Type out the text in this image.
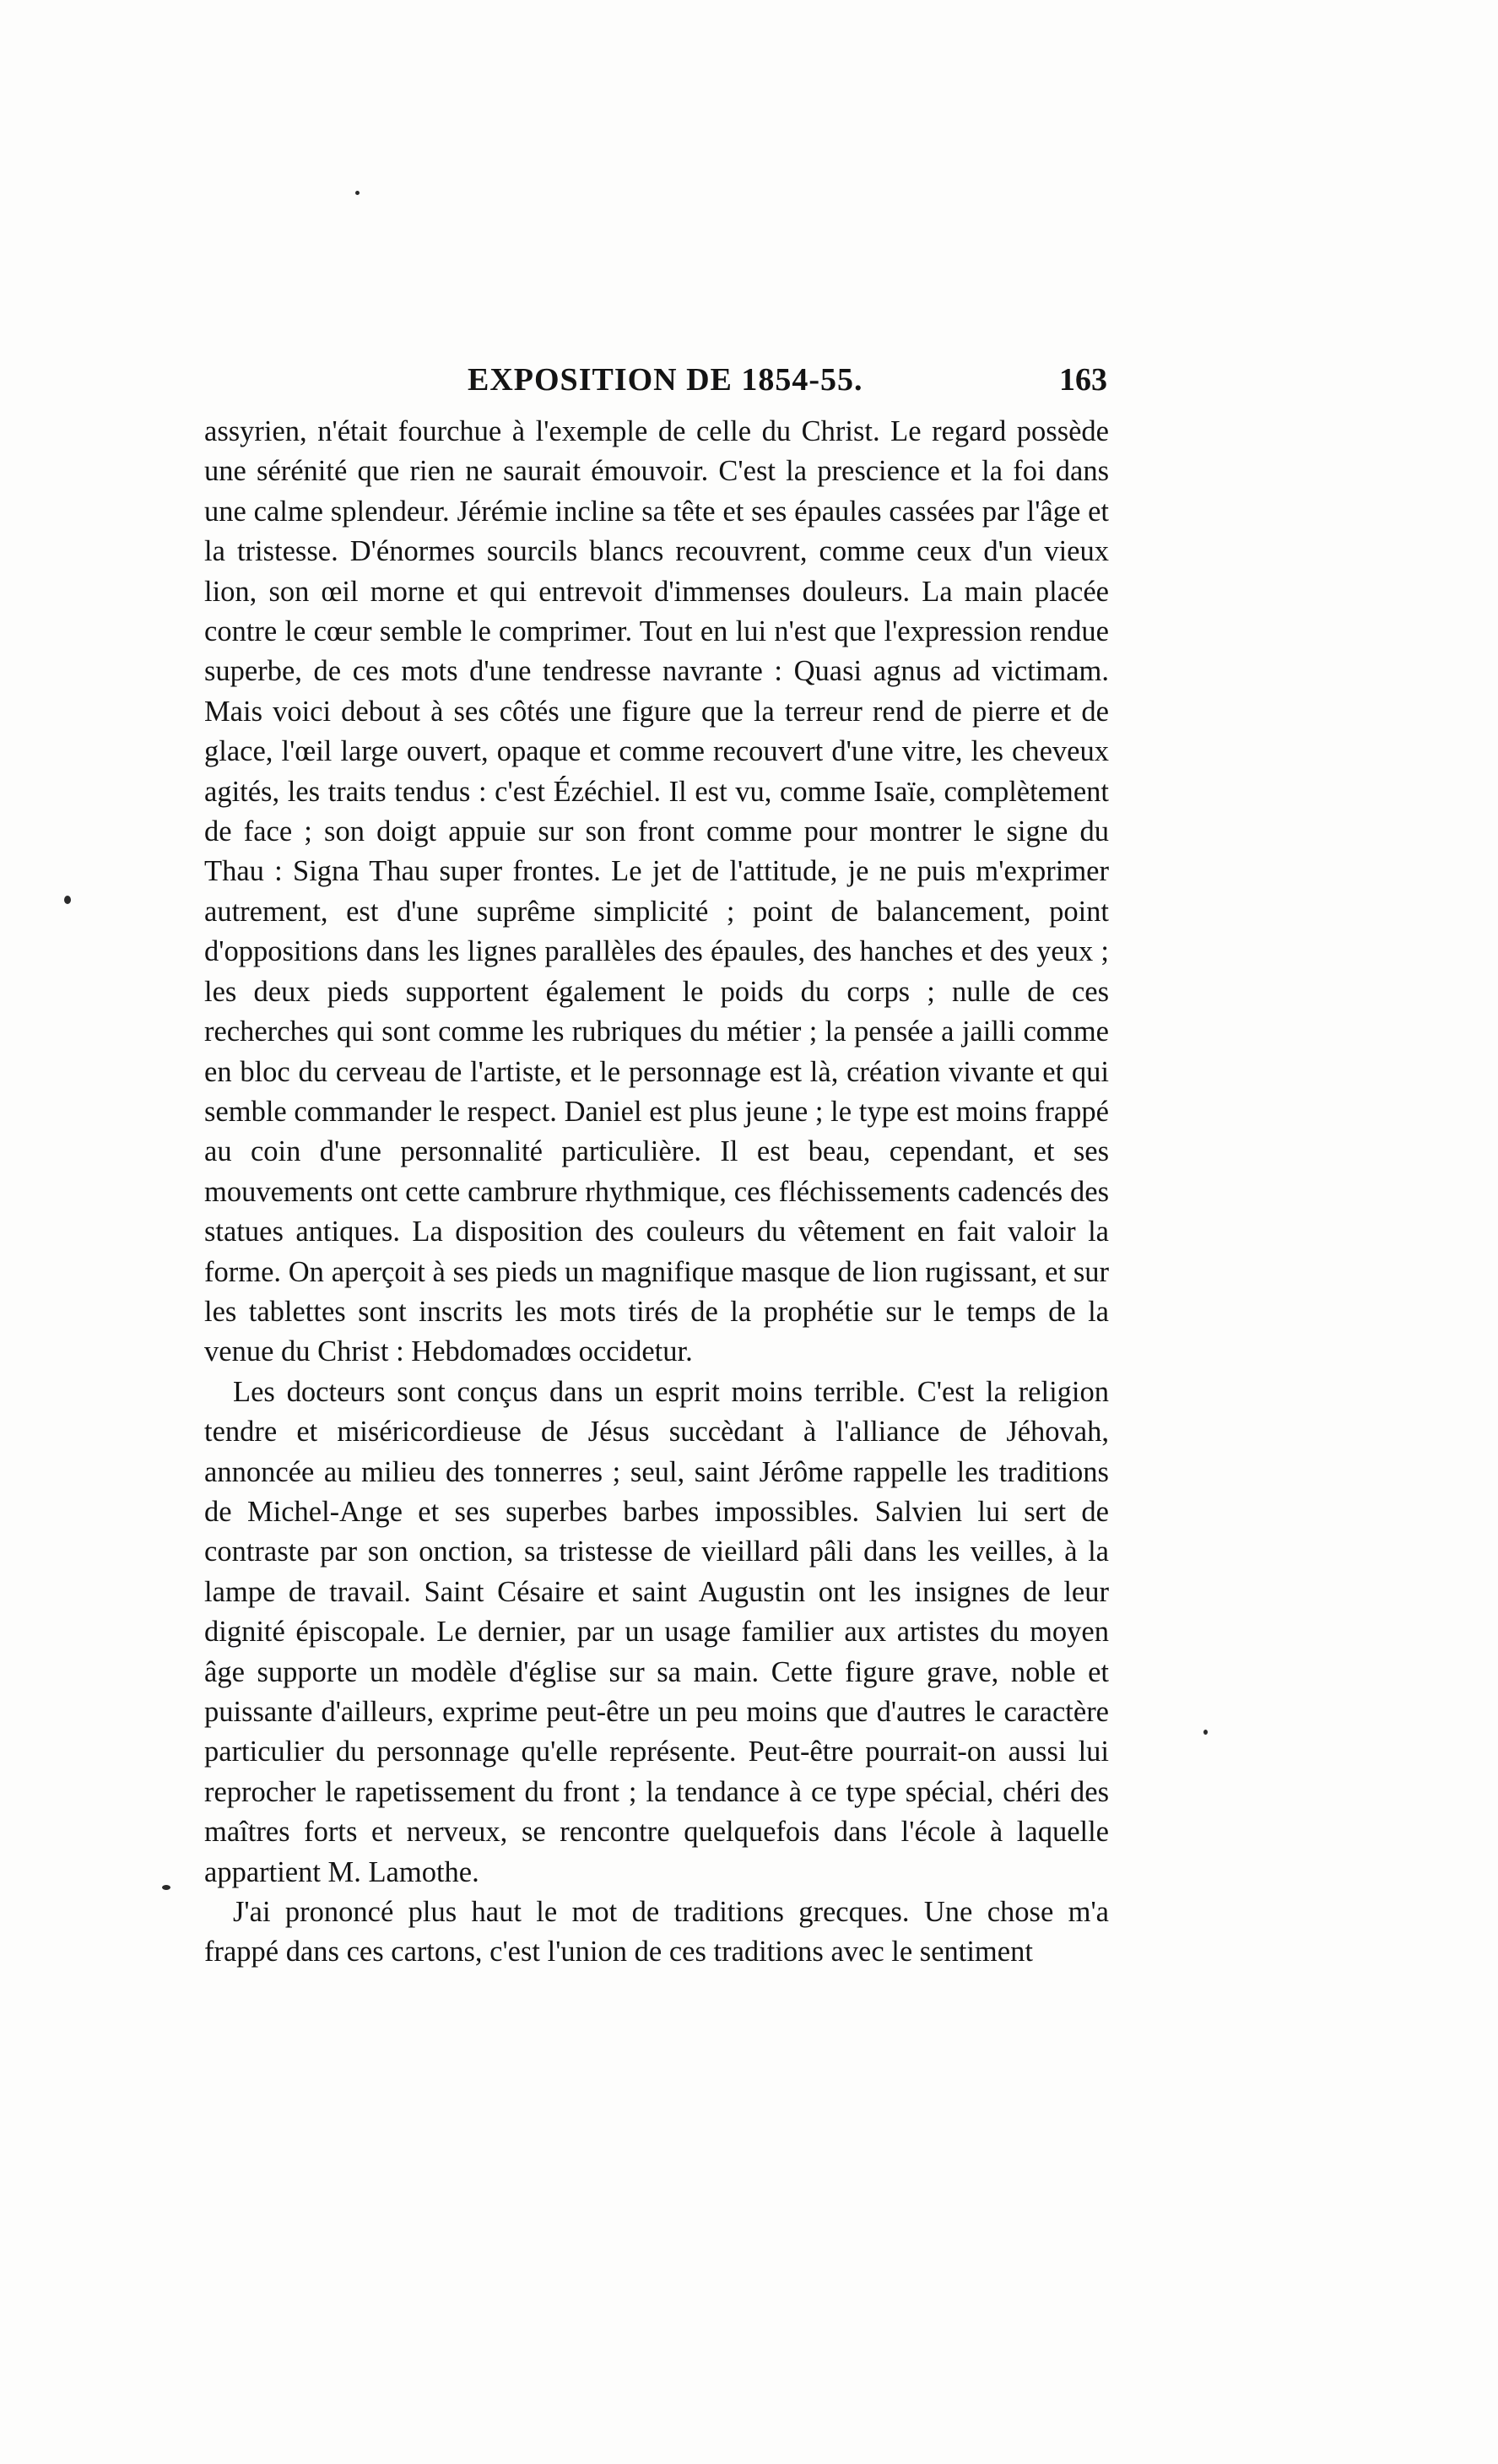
EXPOSITION DE 1854-55.	163

assyrien, n'était fourchue à l'exemple de celle du Christ. Le regard possède une sérénité que rien ne saurait émouvoir. C'est la prescience et la foi dans une calme splendeur. Jérémie incline sa tête et ses épaules cassées par l'âge et la tristesse. D'énormes sourcils blancs recouvrent, comme ceux d'un vieux lion, son œil morne et qui entrevoit d'immenses douleurs. La main placée contre le cœur semble le comprimer. Tout en lui n'est que l'expression rendue superbe, de ces mots d'une tendresse navrante : Quasi agnus ad victimam. Mais voici debout à ses côtés une figure que la terreur rend de pierre et de glace, l'œil large ouvert, opaque et comme recouvert d'une vitre, les cheveux agités, les traits tendus : c'est Ézéchiel. Il est vu, comme Isaïe, complètement de face ; son doigt appuie sur son front comme pour montrer le signe du Thau : Signa Thau super frontes. Le jet de l'attitude, je ne puis m'exprimer autrement, est d'une suprême simplicité ; point de balancement, point d'oppositions dans les lignes parallèles des épaules, des hanches et des yeux ; les deux pieds supportent également le poids du corps ; nulle de ces recherches qui sont comme les rubriques du métier ; la pensée a jailli comme en bloc du cerveau de l'artiste, et le personnage est là, création vivante et qui semble commander le respect. Daniel est plus jeune ; le type est moins frappé au coin d'une personnalité particulière. Il est beau, cependant, et ses mouvements ont cette cambrure rhythmique, ces fléchissements cadencés des statues antiques. La disposition des couleurs du vêtement en fait valoir la forme. On aperçoit à ses pieds un magnifique masque de lion rugissant, et sur les tablettes sont inscrits les mots tirés de la prophétie sur le temps de la venue du Christ : Hebdomadœs occidetur.

Les docteurs sont conçus dans un esprit moins terrible. C'est la religion tendre et miséricordieuse de Jésus succèdant à l'alliance de Jéhovah, annoncée au milieu des tonnerres ; seul, saint Jérôme rappelle les traditions de Michel-Ange et ses superbes barbes impossibles. Salvien lui sert de contraste par son onction, sa tristesse de vieillard pâli dans les veilles, à la lampe de travail. Saint Césaire et saint Augustin ont les insignes de leur dignité épiscopale. Le dernier, par un usage familier aux artistes du moyen âge supporte un modèle d'église sur sa main. Cette figure grave, noble et puissante d'ailleurs, exprime peut-être un peu moins que d'autres le caractère particulier du personnage qu'elle représente. Peut-être pourrait-on aussi lui reprocher le rapetissement du front ; la tendance à ce type spécial, chéri des maîtres forts et nerveux, se rencontre quelquefois dans l'école à laquelle appartient M. Lamothe.

J'ai prononcé plus haut le mot de traditions grecques. Une chose m'a frappé dans ces cartons, c'est l'union de ces traditions avec le sentiment
